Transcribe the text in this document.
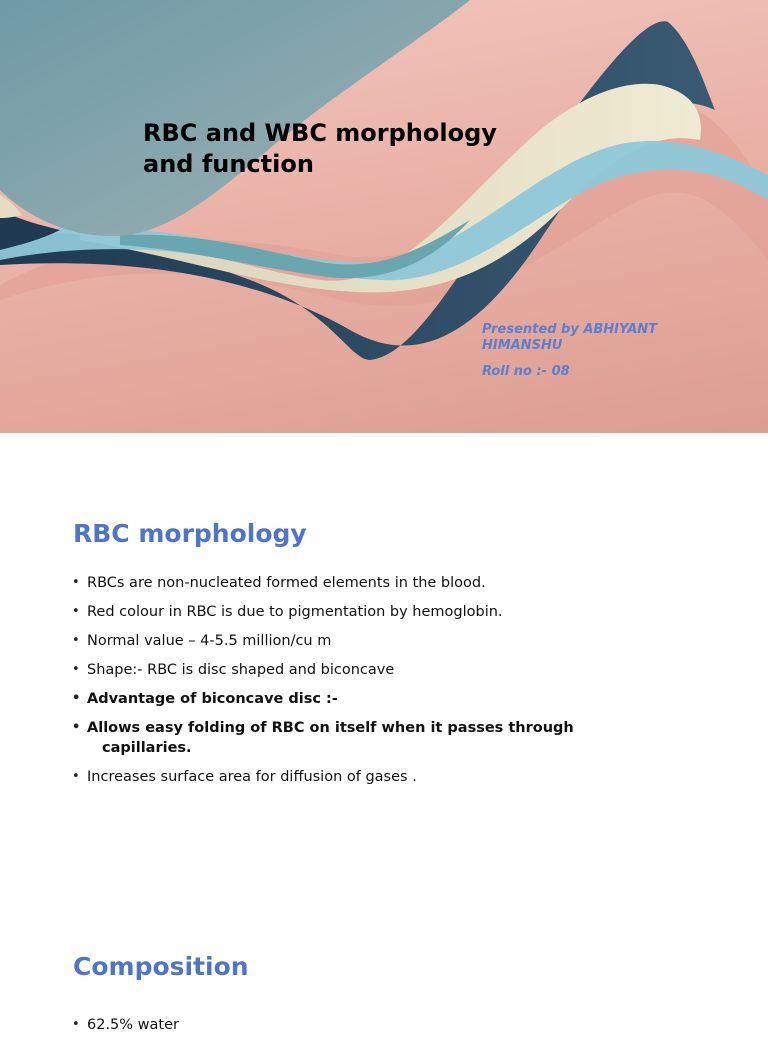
RBC and WBC morphology
and function

Presented by ABHIYANT HIMANSHU

Roll no :- 08

RBC morphology
• RBCs are non-nucleated formed elements in the blood.
• Red colour in RBC is due to pigmentation by hemoglobin.
• Normal value – 4-5.5 million/cu m
• Shape:- RBC is disc shaped and biconcave
• Advantage of biconcave disc :-
• Allows easy folding of RBC on itself when it passes through
capillaries.
• Increases surface area for diffusion of gases .
Composition
• 62.5% water
